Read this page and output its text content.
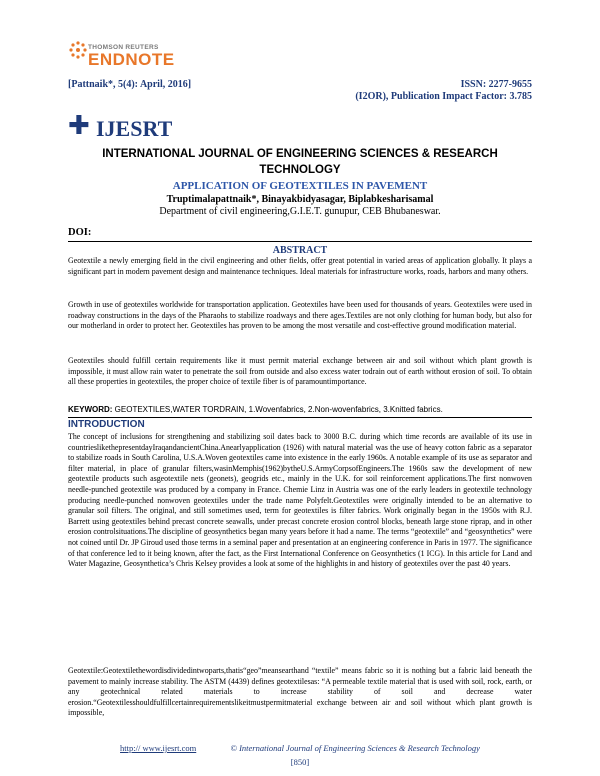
THOMSON REUTERS
ENDNOTE
[Pattnaik*, 5(4): April, 2016]	ISSN: 2277-9655
(I2OR), Publication Impact Factor: 3.785
✚ IJESRT
INTERNATIONAL JOURNAL OF ENGINEERING SCIENCES & RESEARCH
TECHNOLOGY
APPLICATION OF GEOTEXTILES IN PAVEMENT
Truptimalapattnaik*, Binayakbidyasagar, Biplabkesharisamal
Department of civil engineering,G.I.E.T. gunupur, CEB Bhubaneswar.
DOI:
ABSTRACT
Geotextile a newly emerging field in the civil engineering and other fields, offer great potential in varied areas of application globally. It plays a significant part in modern pavement design and maintenance techniques. Ideal materials for infrastructure works, roads, harbors and many others.
Growth in use of geotextiles worldwide for transportation application. Geotextiles have been used for thousands of years. Geotextiles were used in roadway constructions in the days of the Pharaohs to stabilize roadways and there ages.Textiles are not only clothing for human body, but also for our motherland in order to protect her. Geotextiles has proven to be among the most versatile and cost-effective ground modification material.
Geotextiles should fulfill certain requirements like it must permit material exchange between air and soil without which plant growth is impossible, it must allow rain water to penetrate the soil from outside and also excess water todrain out of earth without erosion of soil. To obtain all these properties in geotextiles, the proper choice of textile fiber is of paramountimportance.
KEYWORD: GEOTEXTILES,WATER TORDRAIN, 1.Wovenfabrics, 2.Non-wovenfabrics, 3.Knitted fabrics.
INTRODUCTION
The concept of inclusions for strengthening and stabilizing soil dates back to 3000 B.C. during which time records are available of its use in countrieslikethepresentdayIraqandancientChina.Anearlyapplication (1926) with natural material was the use of heavy cotton fabric as a separator to stabilize roads in South Carolina, U.S.A.Woven geotextiles came into existence in the early 1960s. A notable example of its use as separator and filter material, in place of granular filters,wasinMemphis(1962)bytheU.S.ArmyCorpsofEngineers.The 1960s saw the development of new geotextile products such asgeotextile nets (geonets), geogrids etc., mainly in the U.K. for soil reinforcement applications.The first nonwoven needle-punched geotextile was produced by a company in France. Chemie Linz in Austria was one of the early leaders in geotextile technology producing needle-punched nonwoven geotextiles under the trade name Polyfelt.Geotextiles were originally intended to be an alternative to granular soil filters. The original, and still sometimes used, term for geotextiles is filter fabrics. Work originally began in the 1950s with R.J. Barrett using geotextiles behind precast concrete seawalls, under precast concrete erosion control blocks, beneath large stone riprap, and in other erosion controlsituations.The discipline of geosynthetics began many years before it had a name. The terms “geotextile” and “geosynthetics” were not coined until Dr. JP Giroud used those terms in a seminal paper and presentation at an engineering conference in Paris in 1977. The significance of that conference led to it being known, after the fact, as the First International Conference on Geosynthetics (1 ICG). In this article for Land and Water Magazine, Geosynthetica’s Chris Kelsey provides a look at some of the highlights in and history of geotextiles over the past 40 years.
Geotextile:Geotextilethewordisdividedintwoparts,thatis“geo”meansearthand “textile” means fabric so it is nothing but a fabric laid beneath the pavement to mainly increase stability. The ASTM (4439) defines geotextilesas: “A permeable textile material that is used with soil, rock, earth, or any geotechnical related materials to increase stability of soil and decrease water erosion.“Geotextilesshouldfulfillcertainrequirementslikeitmustpermitmaterial exchange between air and soil without which plant growth is impossible,
http:// www.ijesrt.com	© International Journal of Engineering Sciences & Research Technology
[850]
